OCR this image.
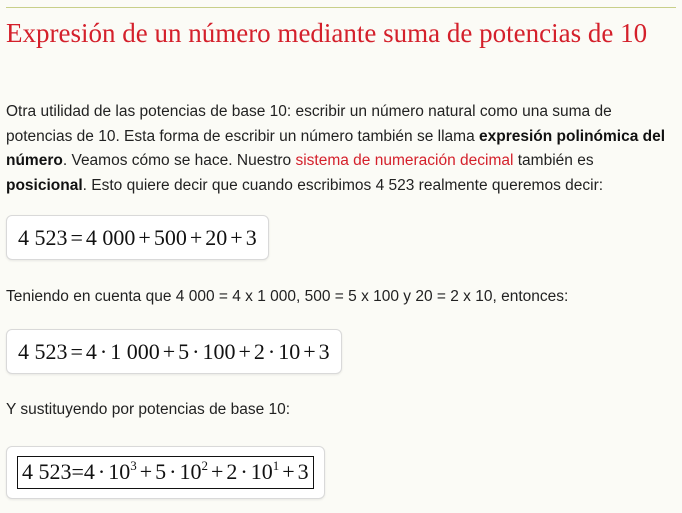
Expresión de un número mediante suma de potencias de 10

Otra utilidad de las potencias de base 10: escribir un número natural como una suma de potencias de 10. Esta forma de escribir un número también se llama expresión polinómica del número. Veamos cómo se hace. Nuestro sistema de numeración decimal también es posicional. Esto quiere decir que cuando escribimos 4 523 realmente queremos decir:

4 523 = 4 000 + 500 + 20 + 3

Teniendo en cuenta que 4 000 = 4 x 1 000, 500 = 5 x 100 y 20 = 2 x 10, entonces:

4 523 = 4 · 1 000 + 5 · 100 + 2 · 10 + 3

Y sustituyendo por potencias de base 10:

4 $523=4 \cdot 10^3 + 5 \cdot 10^2 + 2 \cdot 10^1 + 3$
